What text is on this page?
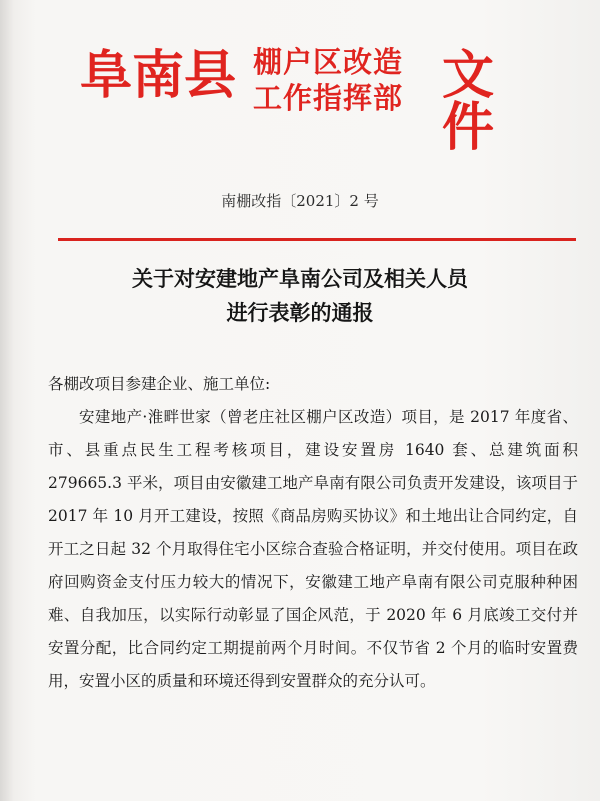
阜南县 棚户区改造
工作指挥部 文件
南棚改指〔2021〕2 号
关于对安建地产阜南公司及相关人员
进行表彰的通报

各棚改项目参建企业、施工单位:

安建地产·淮畔世家（曾老庄社区棚户区改造）项目，是 2017 年度省、市、县重点民生工程考核项目，建设安置房 1640 套、总建筑面积 279665.3 平米，项目由安徽建工地产阜南有限公司负责开发建设，该项目于 2017 年 10 月开工建设，按照《商品房购买协议》和土地出让合同约定，自开工之日起 32 个月取得住宅小区综合查验合格证明，并交付使用。项目在政府回购资金支付压力较大的情况下，安徽建工地产阜南有限公司克服种种困难、自我加压，以实际行动彰显了国企风范，于 2020 年 6 月底竣工交付并安置分配，比合同约定工期提前两个月时间。不仅节省 2 个月的临时安置费用，安置小区的质量和环境还得到安置群众的充分认可。
